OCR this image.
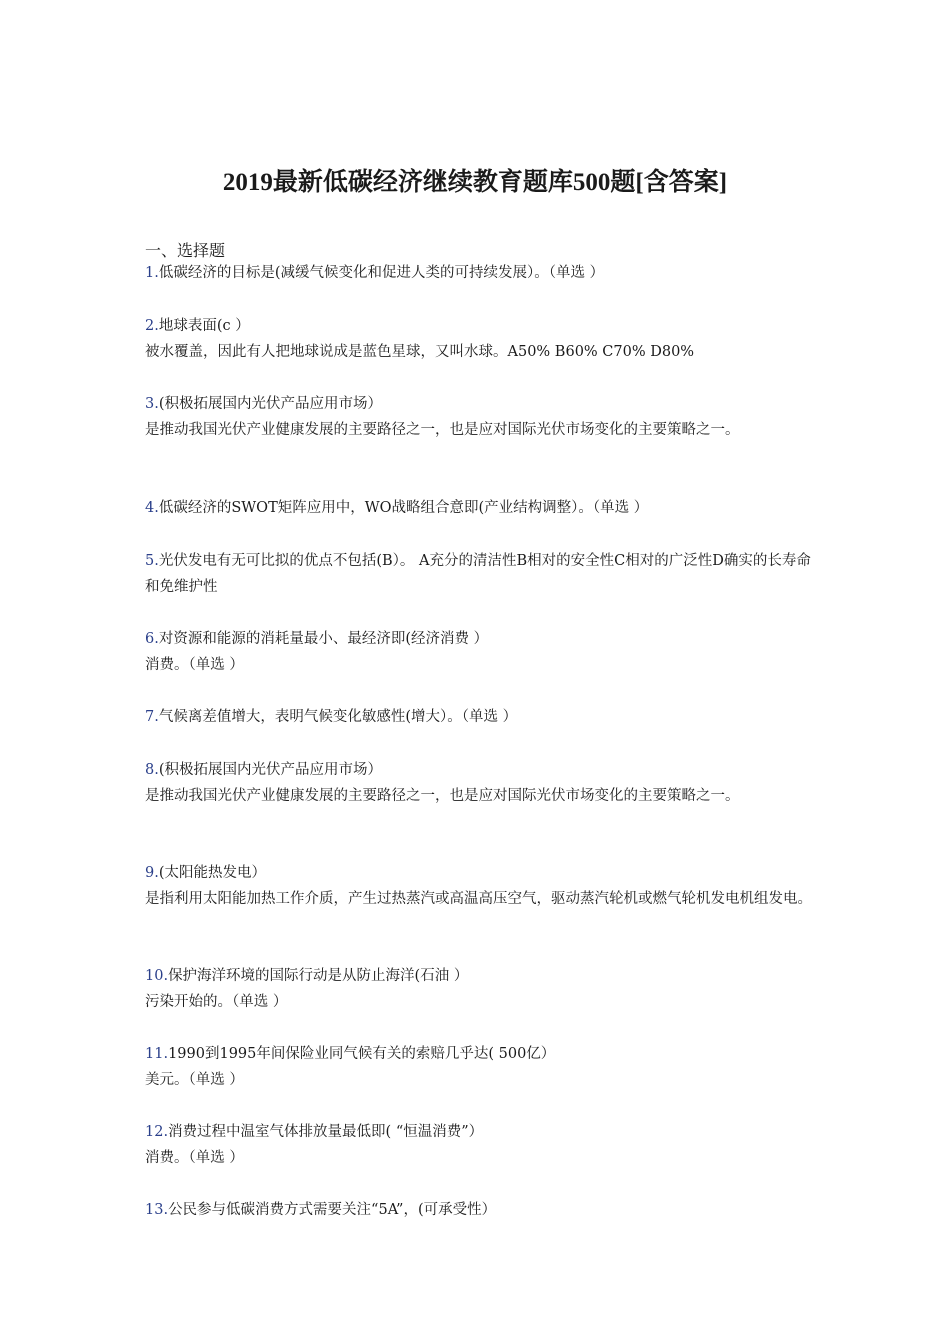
2019最新低碳经济继续教育题库500题[含答案]
一、选择题
1.低碳经济的目标是(减缓气候变化和促进人类的可持续发展）。（单选 ）
2.地球表面(c ）
被水覆盖，因此有人把地球说成是蓝色星球，又叫水球。A50% B60% C70% D80%
3.(积极拓展国内光伏产品应用市场）
是推动我国光伏产业健康发展的主要路径之一，也是应对国际光伏市场变化的主要策略之一。
4.低碳经济的SWOT矩阵应用中，WO战略组合意即(产业结构调整）。（单选 ）
5.光伏发电有无可比拟的优点不包括(B）。 A充分的清洁性B相对的安全性C相对的广泛性D确实的长寿命和免维护性
6.对资源和能源的消耗量最小、最经济即(经济消费 ）
消费。（单选 ）
7.气候离差值增大，表明气候变化敏感性(增大）。（单选 ）
8.(积极拓展国内光伏产品应用市场）
是推动我国光伏产业健康发展的主要路径之一，也是应对国际光伏市场变化的主要策略之一。
9.(太阳能热发电）
是指利用太阳能加热工作介质，产生过热蒸汽或高温高压空气，驱动蒸汽轮机或燃气轮机发电机组发电。
10.保护海洋环境的国际行动是从防止海洋(石油 ）
污染开始的。（单选 ）
11.1990到1995年间保险业同气候有关的索赔几乎达( 500亿）
美元。（单选 ）
12.消费过程中温室气体排放量最低即( “恒温消费”）
消费。（单选 ）
13.公民参与低碳消费方式需要关注“5A”，(可承受性）
